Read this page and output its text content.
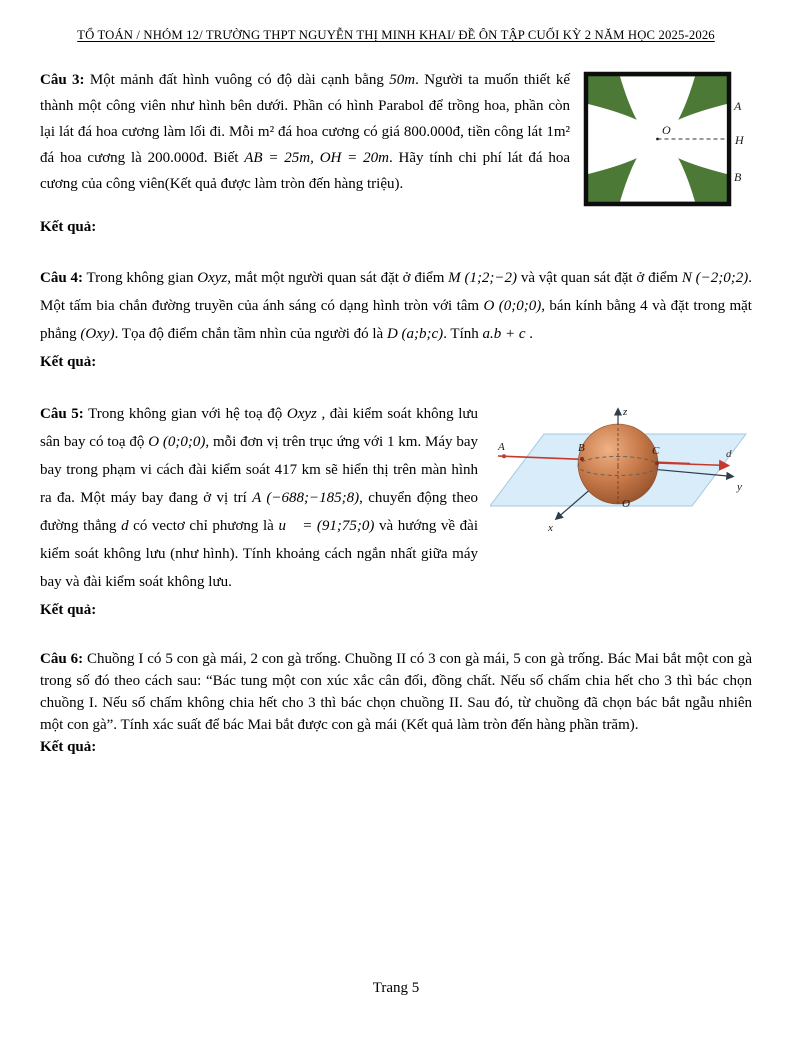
TỔ TOÁN / NHÓM 12/ TRƯỜNG THPT NGUYỄN THỊ MINH KHAI/ ĐỀ ÔN TẬP CUỐI KỲ 2 NĂM HỌC 2025-2026
O
A
H
B

Câu 3: Một mảnh đất hình vuông có độ dài cạnh bằng 50m. Người ta muốn thiết kế thành một công viên như hình bên dưới. Phần có hình Parabol để trồng hoa, phần còn lại lát đá hoa cương làm lối đi. Mỗi m² đá hoa cương có giá 800.000đ, tiền công lát 1m² đá hoa cương là 200.000đ. Biết AB = 25m, OH = 20m. Hãy tính chi phí lát đá hoa cương của công viên(Kết quả được làm tròn đến hàng triệu).

Kết quả:

Câu 4: Trong không gian Oxyz, mắt một người quan sát đặt ở điểm M (1;2;−2) và vật quan sát đặt ở điểm N (−2;0;2). Một tấm bia chắn đường truyền của ánh sáng có dạng hình tròn với tâm O (0;0;0), bán kính bằng 4 và đặt trong mặt phẳng (Oxy). Tọa độ điểm chắn tầm nhìn của người đó là D (a;b;c). Tính a.b + c .

Kết quả:

z
y
x
A	B	C	d
O

Câu 5: Trong không gian với hệ toạ độ Oxyz , đài kiểm soát không lưu sân bay có toạ độ O (0;0;0), mỗi đơn vị trên trục ứng với 1 km. Máy bay bay trong phạm vi cách đài kiểm soát 417 km sẽ hiển thị trên màn hình ra đa. Một máy bay đang ở vị trí A (−688;−185;8), chuyển động theo đường thẳng d có vectơ chỉ phương là u⃗ = (91;75;0) và hướng về đài kiểm soát không lưu (như hình). Tính khoảng cách ngắn nhất giữa máy bay và đài kiểm soát không lưu.

Kết quả:

Câu 6: Chuồng I có 5 con gà mái, 2 con gà trống. Chuồng II có 3 con gà mái, 5 con gà trống. Bác Mai bắt một con gà trong số đó theo cách sau: “Bác tung một con xúc xắc cân đối, đồng chất. Nếu số chấm chia hết cho 3 thì bác chọn chuồng I. Nếu số chấm không chia hết cho 3 thì bác chọn chuồng II. Sau đó, từ chuồng đã chọn bác bắt ngẫu nhiên một con gà”. Tính xác suất để bác Mai bắt được con gà mái (Kết quả làm tròn đến hàng phần trăm).

Kết quả:

Trang 5
